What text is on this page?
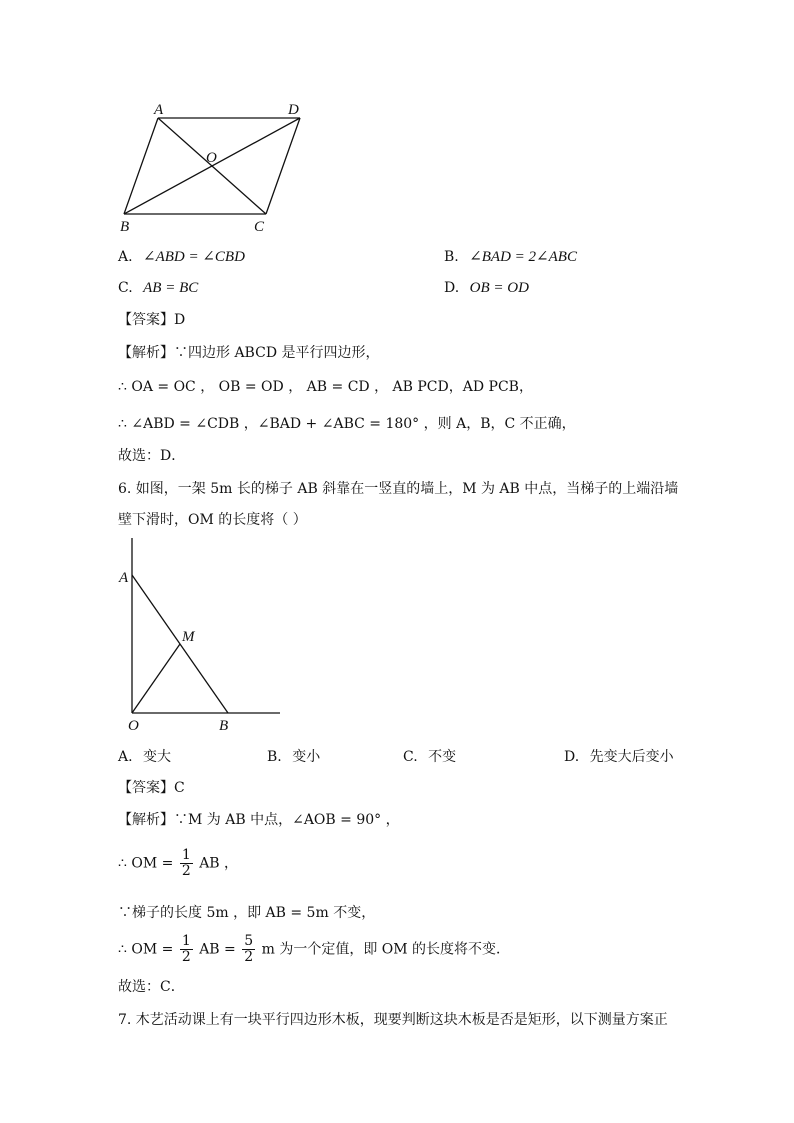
A	D
O
B	C
A. ∠ABD = ∠CBD	B. ∠BAD = 2∠ABC
C. AB = BC	D. OB = OD
【答案】D
【解析】∵四边形 ABCD 是平行四边形，
∴ OA = OC ， OB = OD ， AB = CD ， AB PCD，AD PCB，
∴ ∠ABD = ∠CDB ，∠BAD + ∠ABC = 180° ，则 A，B，C 不正确，
故选：D．
6. 如图，一架 5m 长的梯子 AB 斜靠在一竖直的墙上，M 为 AB 中点，当梯子的上端沿墙
壁下滑时，OM 的长度将（ ）
A
M
O	B
A. 变大	B. 变小	C. 不变	D. 先变大后变小
【答案】C
【解析】∵M 为 AB 中点，∠AOB = 90° ，
∴ OM = $\frac{1}{2}$ AB ，
∵梯子的长度 5m ，即 AB = 5m 不变，
∴ OM = $\frac{1}{2}$ AB = $\frac{5}{2}$ m 为一个定值，即 OM 的长度将不变．
故选：C．
7. 木艺活动课上有一块平行四边形木板，现要判断这块木板是否是矩形，以下测量方案正
